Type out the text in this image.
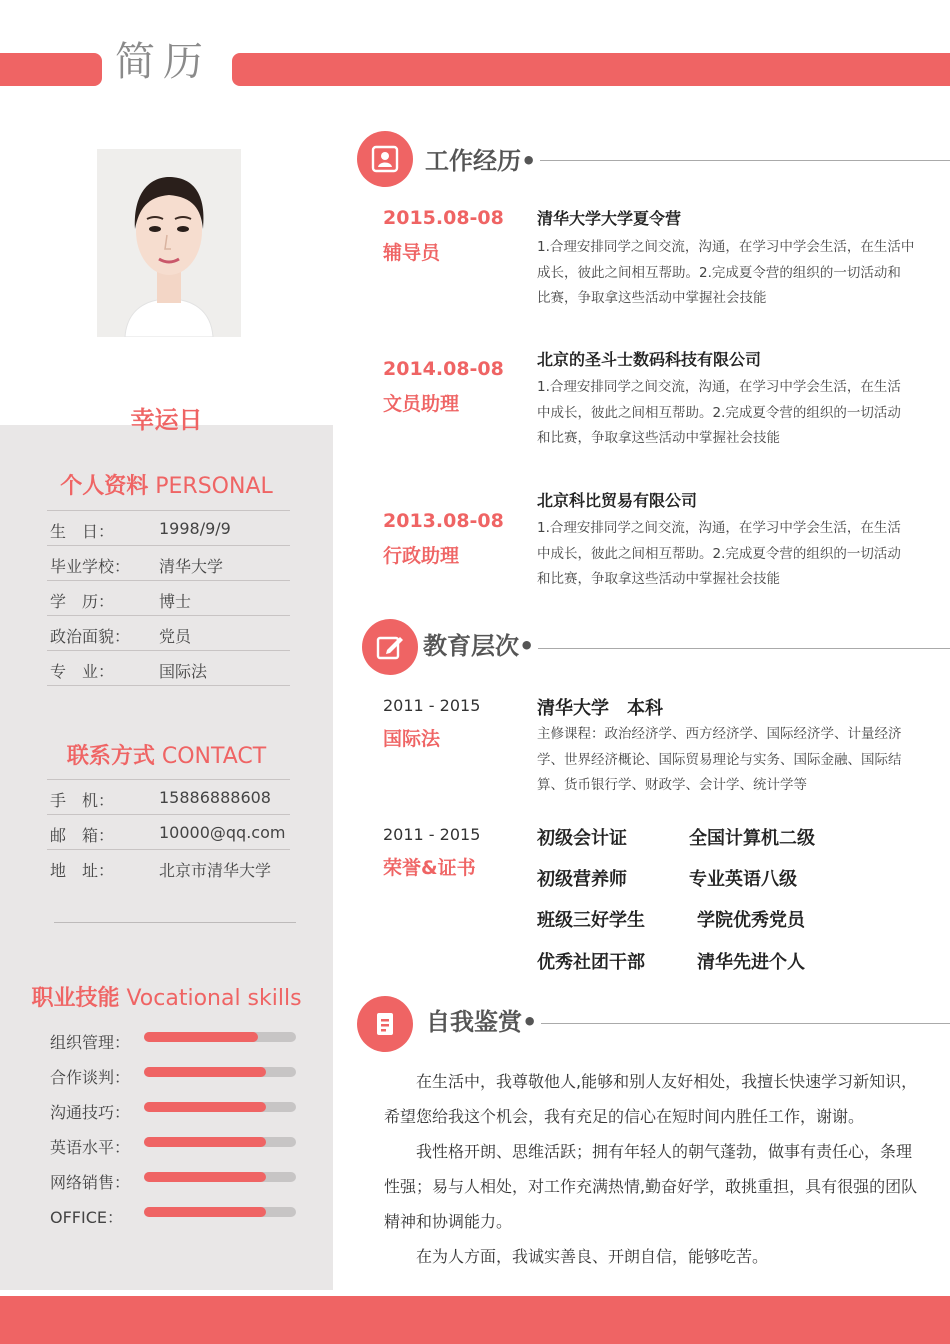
简历
幸运日
个人资料 PERSONAL
生　日：	1998/9/9
毕业学校： 清华大学
学　历：	博士
政治面貌： 党员
专　业：	国际法
联系方式 CONTACT
手　机：	15886888608
邮　箱：	10000@qq.com
地　址：	北京市清华大学
职业技能 Vocational skills
组织管理：
合作谈判：
沟通技巧：
英语水平：
网络销售：
OFFICE：
工作经历•
2015.08-08
辅导员
清华大学大学夏令营
1.合理安排同学之间交流，沟通，在学习中学会生活，在生活中
成长，彼此之间相互帮助。2.完成夏令营的组织的一切活动和
比赛，争取拿这些活动中掌握社会技能
2014.08-08
文员助理
北京的圣斗士数码科技有限公司
1.合理安排同学之间交流，沟通，在学习中学会生活，在生活
中成长，彼此之间相互帮助。2.完成夏令营的组织的一切活动
和比赛，争取拿这些活动中掌握社会技能
2013.08-08
行政助理
北京科比贸易有限公司
1.合理安排同学之间交流，沟通，在学习中学会生活，在生活
中成长，彼此之间相互帮助。2.完成夏令营的组织的一切活动
和比赛，争取拿这些活动中掌握社会技能
教育层次•
2011 - 2015
国际法
清华大学　本科
主修课程：政治经济学、西方经济学、国际经济学、计量经济
学、世界经济概论、国际贸易理论与实务、国际金融、国际结
算、货币银行学、财政学、会计学、统计学等
2011 - 2015
荣誉&证书
初级会计证	全国计算机二级
初级营养师	专业英语八级
班级三好学生	学院优秀党员
优秀社团干部	清华先进个人
自我鉴赏•
　　在生活中，我尊敬他人,能够和别人友好相处，我擅长快速学习新知识，
希望您给我这个机会，我有充足的信心在短时间内胜任工作，谢谢。
　　我性格开朗、思维活跃；拥有年轻人的朝气蓬勃，做事有责任心，条理
性强；易与人相处，对工作充满热情,勤奋好学，敢挑重担，具有很强的团队
精神和协调能力。
　　在为人方面，我诚实善良、开朗自信，能够吃苦。
